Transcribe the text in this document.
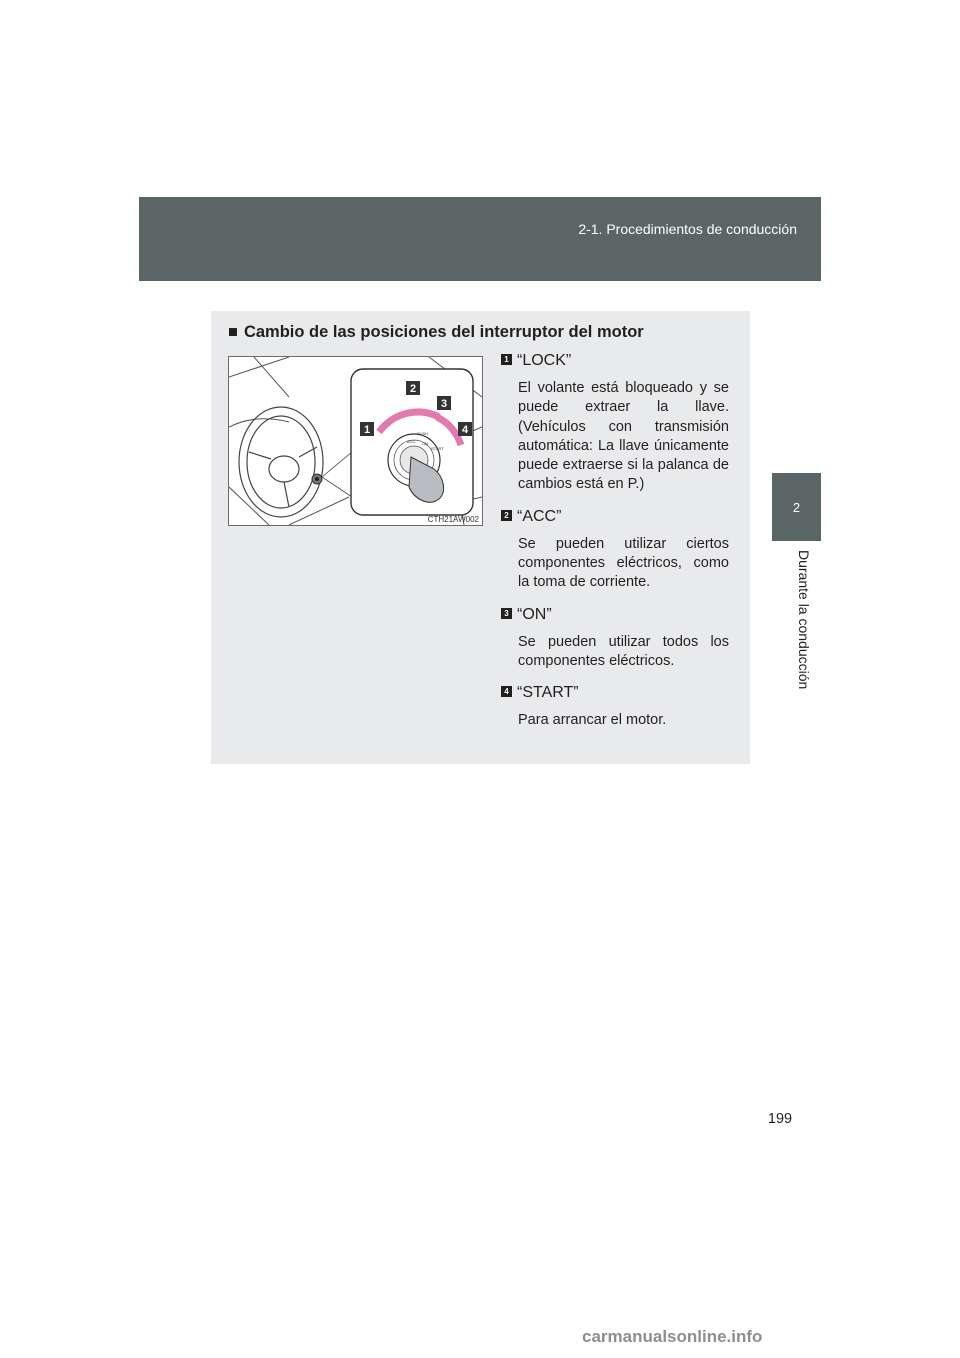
2-1. Procedimientos de conducción
2
Durante la conducción
■ Cambio de las posiciones del interruptor del motor
ACC ON
START
PUSH
1
2
3
4
CTH21AW002
1 “LOCK”
El volante está bloqueado y se puede extraer la llave. (Vehículos con transmisión automática: La llave únicamente puede extraerse si la palanca de cambios está en P.)
2 “ACC”
Se pueden utilizar ciertos componentes eléctricos, como la toma de corriente.
3 “ON”
Se pueden utilizar todos los componentes eléctricos.
4 “START”
Para arrancar el motor.
199
carmanualsonline.info
